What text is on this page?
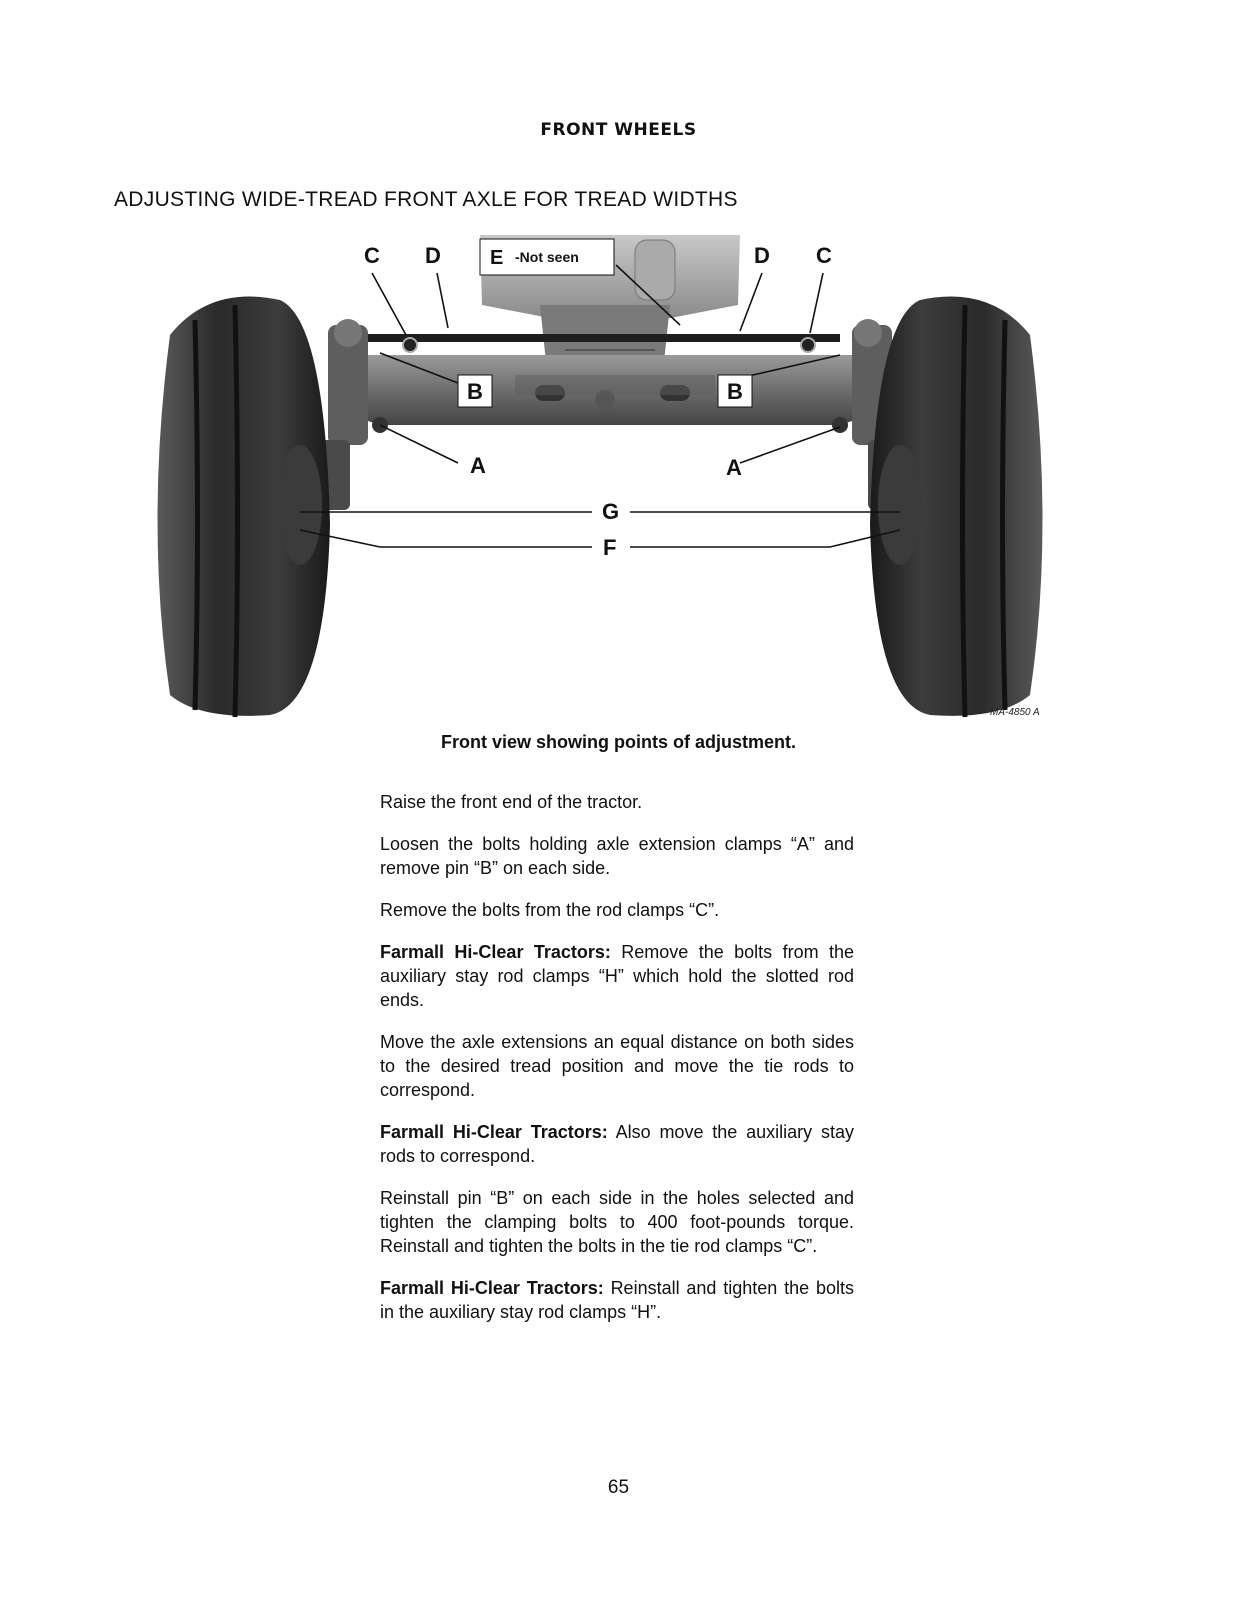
FRONT WHEELS
ADJUSTING WIDE-TREAD FRONT AXLE FOR TREAD WIDTHS
C D E -Not seen	D C
B	B
A	A
G
F
MA-4850 A
Front view showing points of adjustment.

Raise the front end of the tractor.

Loosen the bolts holding axle extension clamps “A” and remove pin “B” on each side.

Remove the bolts from the rod clamps “C”.

Farmall Hi-Clear Tractors: Remove the bolts from the auxiliary stay rod clamps “H” which hold the slotted rod ends.

Move the axle extensions an equal distance on both sides to the desired tread position and move the tie rods to correspond.

Farmall Hi-Clear Tractors: Also move the auxiliary stay rods to correspond.

Reinstall pin “B” on each side in the holes selected and tighten the clamping bolts to 400 foot-pounds torque. Reinstall and tighten the bolts in the tie rod clamps “C”.

Farmall Hi-Clear Tractors: Reinstall and tighten the bolts in the auxiliary stay rod clamps “H”.

65
